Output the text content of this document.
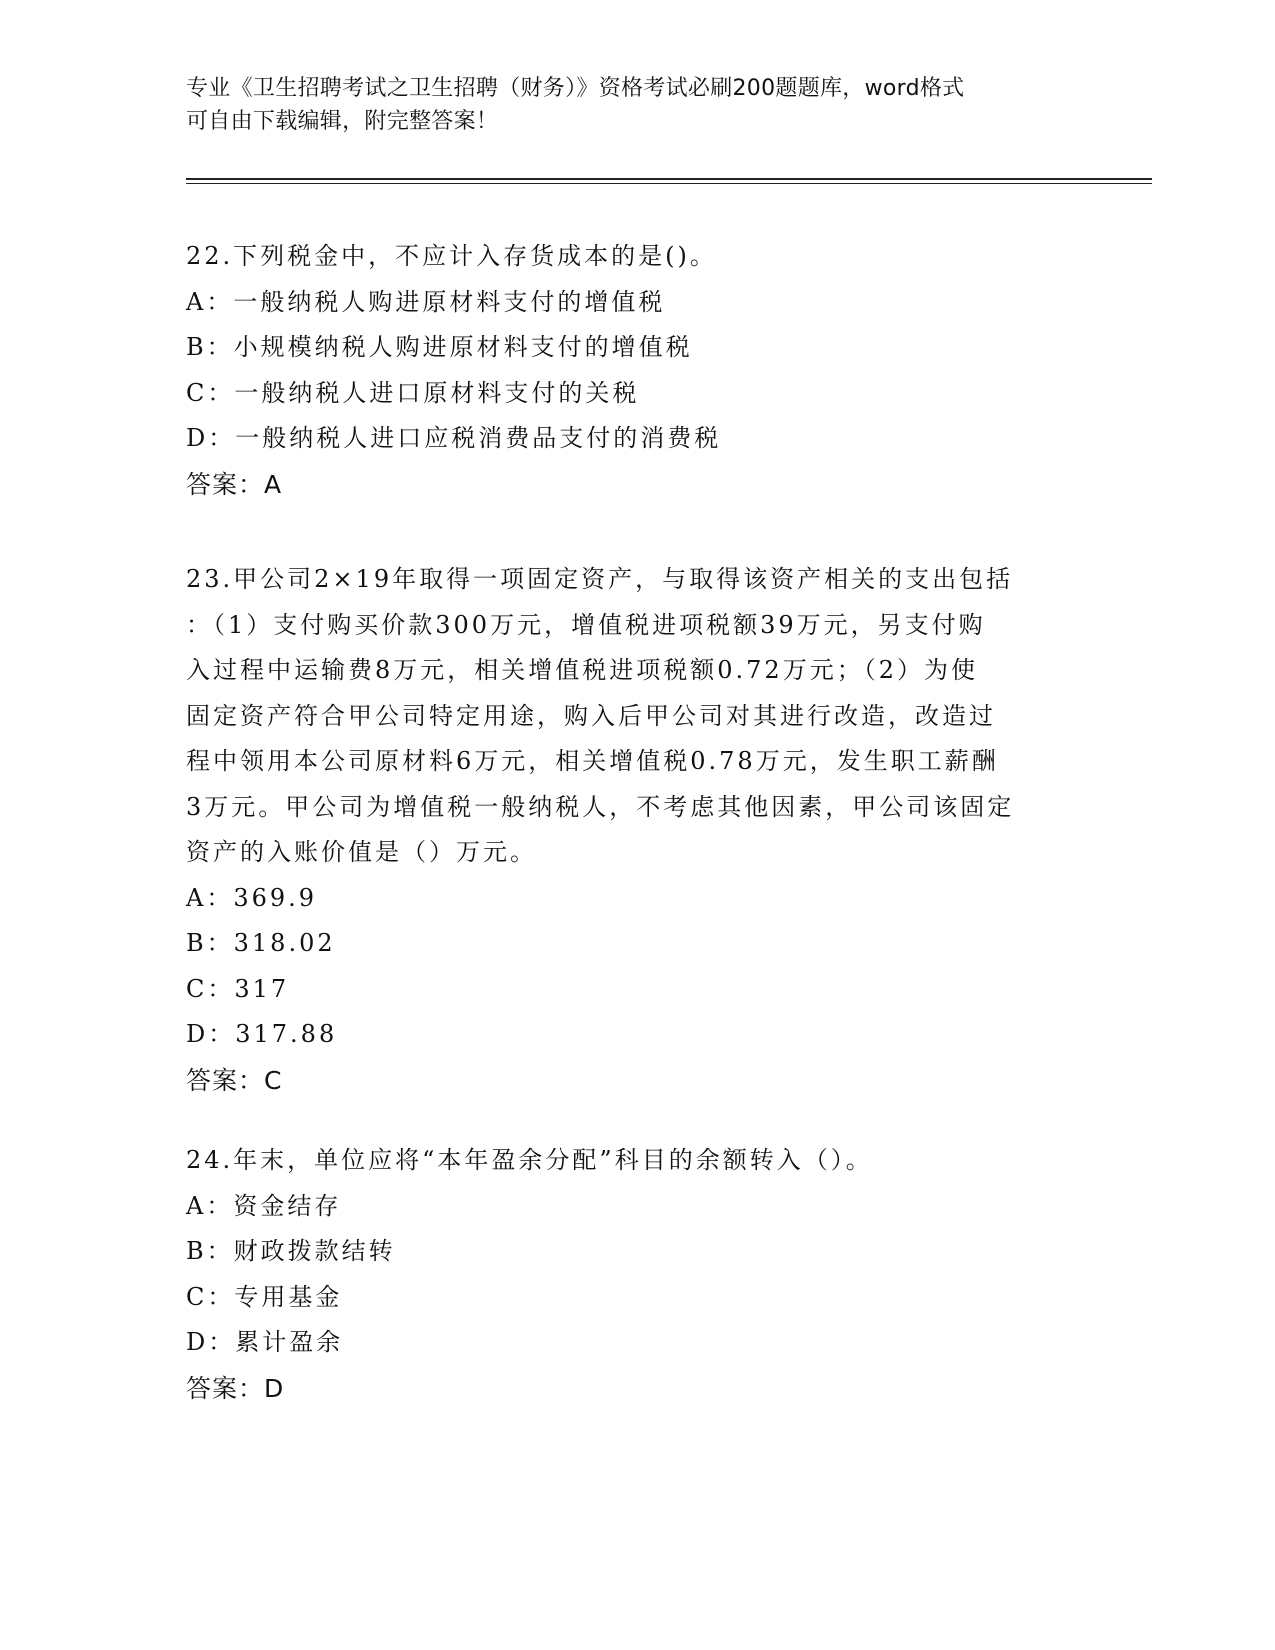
专业《卫生招聘考试之卫生招聘（财务）》资格考试必刷200题题库，word格式
可自由下载编辑，附完整答案！
22.下列税金中，不应计入存货成本的是()。
A：一般纳税人购进原材料支付的增值税
B：小规模纳税人购进原材料支付的增值税
C：一般纳税人进口原材料支付的关税
D：一般纳税人进口应税消费品支付的消费税
答案：A
23.甲公司2×19年取得一项固定资产，与取得该资产相关的支出包括
：（1）支付购买价款300万元，增值税进项税额39万元，另支付购
入过程中运输费8万元，相关增值税进项税额0.72万元；（2）为使
固定资产符合甲公司特定用途，购入后甲公司对其进行改造，改造过
程中领用本公司原材料6万元，相关增值税0.78万元，发生职工薪酬
3万元。甲公司为增值税一般纳税人，不考虑其他因素，甲公司该固定
资产的入账价值是（）万元。
A：369.9
B：318.02
C：317
D：317.88
答案：C
24.年末，单位应将“本年盈余分配”科目的余额转入（）。
A：资金结存
B：财政拨款结转
C：专用基金
D：累计盈余
答案：D
